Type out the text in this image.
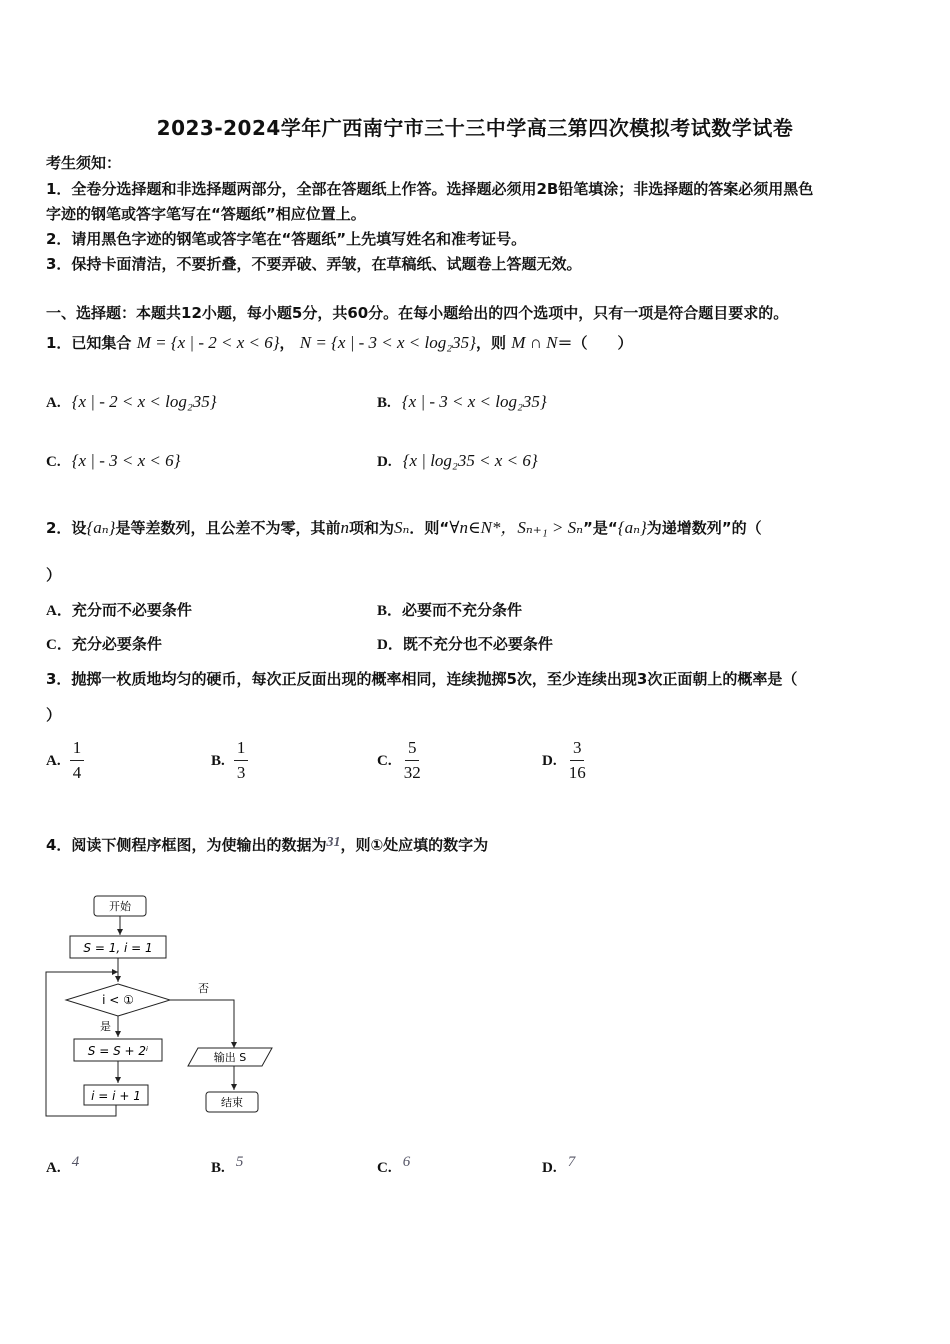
2023-2024学年广西南宁市三十三中学高三第四次模拟考试数学试卷
考生须知：
1．全卷分选择题和非选择题两部分，全部在答题纸上作答。选择题必须用2B铅笔填涂；非选择题的答案必须用黑色
字迹的钢笔或答字笔写在“答题纸”相应位置上。
2．请用黑色字迹的钢笔或答字笔在“答题纸”上先填写姓名和准考证号。
3．保持卡面清洁，不要折叠，不要弄破、弄皱，在草稿纸、试题卷上答题无效。
一、选择题：本题共12小题，每小题5分，共60分。在每小题给出的四个选项中，只有一项是符合题目要求的。
1．已知集合 M = {x | - 2 < x < 6}， N = {x | - 3 < x < log₂35}，则 M ∩ N＝（　　）
A. {x | - 2 < x < log₂35}	B. {x | - 3 < x < log₂35}
C. {x | - 3 < x < 6}	D. {x | log₂35 < x < 6}
2．设{aₙ}是等差数列，且公差不为零，其前n项和为Sₙ．则“∀n∈N*，Sₙ₊₁ > Sₙ”是“{aₙ}为递增数列”的（
）
A．充分而不必要条件	B．必要而不充分条件
C．充分必要条件	D．既不充分也不必要条件
3．抛掷一枚质地均匀的硬币，每次正反面出现的概率相同，连续抛掷5次，至少连续出现3次正面朝上的概率是（
）
A. $\frac{1}{4}$	B. $\frac{1}{3}$	C. $\frac{5}{32}$	D. $\frac{3}{16}$
4．阅读下侧程序框图，为使输出的数据为31，则①处应填的数字为
开始
S = 1, i = 1
i < ①
否
是
S = S + 2ⁱ
i = i + 1
输出 S
结束
A. 4	B. 5	C. 6	D. 7
